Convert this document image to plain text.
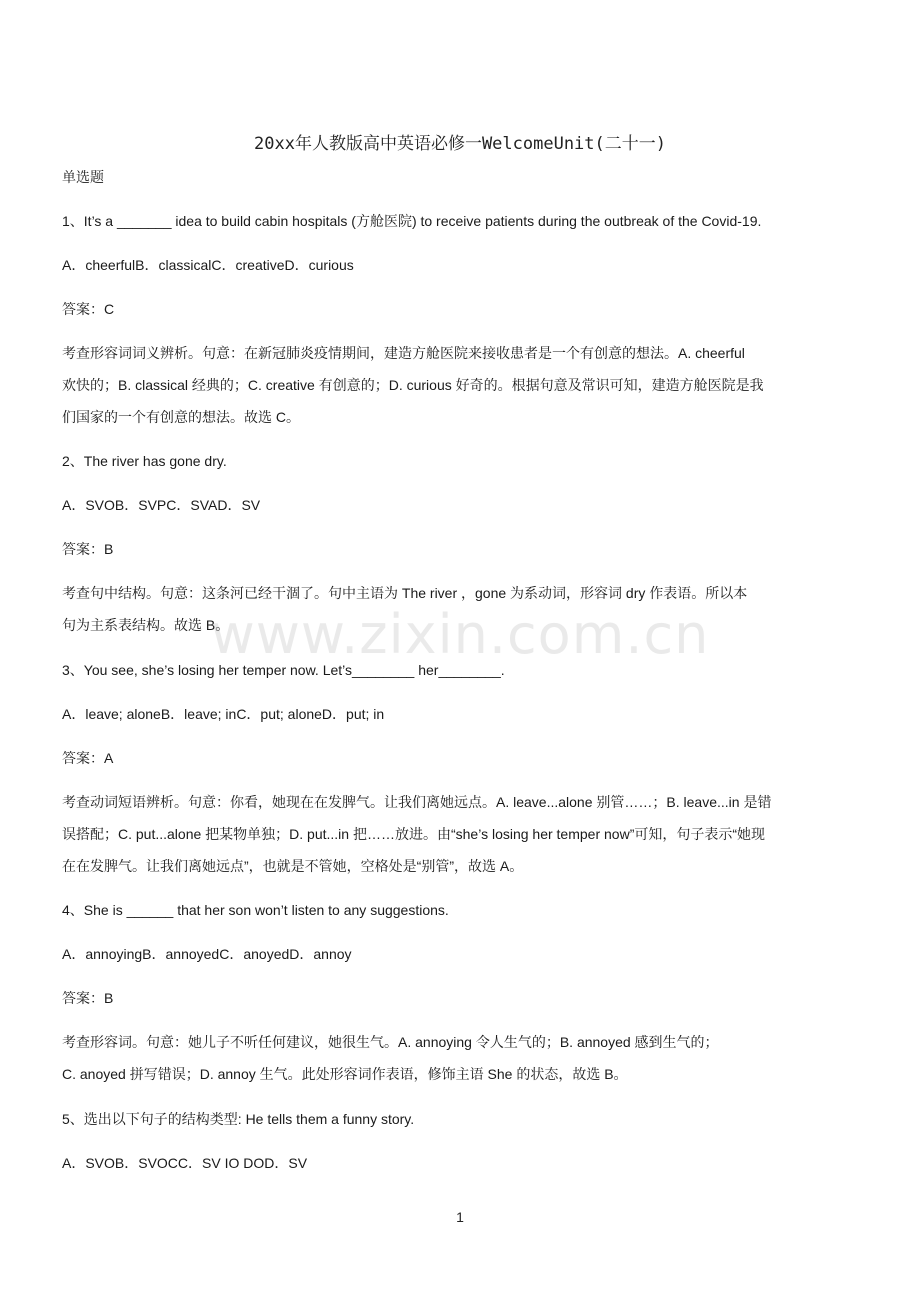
20xx年人教版高中英语必修一WelcomeUnit(二十一)
单选题
1、It’s a _______ idea to build cabin hospitals (方舱医院) to receive patients during the outbreak of the Covid-19.
A．cheerfulB．classicalC．creativeD．curious
答案：C
考查形容词词义辨析。句意：在新冠肺炎疫情期间，建造方舱医院来接收患者是一个有创意的想法。A. cheerful
欢快的；B. classical 经典的；C. creative 有创意的；D. curious 好奇的。根据句意及常识可知，建造方舱医院是我
们国家的一个有创意的想法。故选 C。
2、The river has gone dry.
A．SVOB．SVPC．SVAD．SV
答案：B
考查句中结构。句意：这条河已经干涸了。句中主语为 The river ，gone 为系动词，形容词 dry 作表语。所以本
句为主系表结构。故选 B。
3、You see, she’s losing her temper now. Let’s________ her________.
A．leave; aloneB．leave; inC．put; aloneD．put; in
答案：A
考查动词短语辨析。句意：你看，她现在在发脾气。让我们离她远点。A. leave...alone 别管……；B. leave...in 是错
误搭配；C. put...alone 把某物单独；D. put...in 把……放进。由“she’s losing her temper now”可知，句子表示“她现
在在发脾气。让我们离她远点”，也就是不管她，空格处是“别管”，故选 A。
4、She is ______ that her son won’t listen to any suggestions.
A．annoyingB．annoyedC．anoyedD．annoy
答案：B
考查形容词。句意：她儿子不听任何建议，她很生气。A. annoying 令人生气的；B. annoyed 感到生气的；
C. anoyed 拼写错误；D. annoy 生气。此处形容词作表语，修饰主语 She 的状态，故选 B。
5、选出以下句子的结构类型: He tells them a funny story.
A．SVOB．SVOCC．SV IO DOD．SV
www.zixin.com.cn
1
